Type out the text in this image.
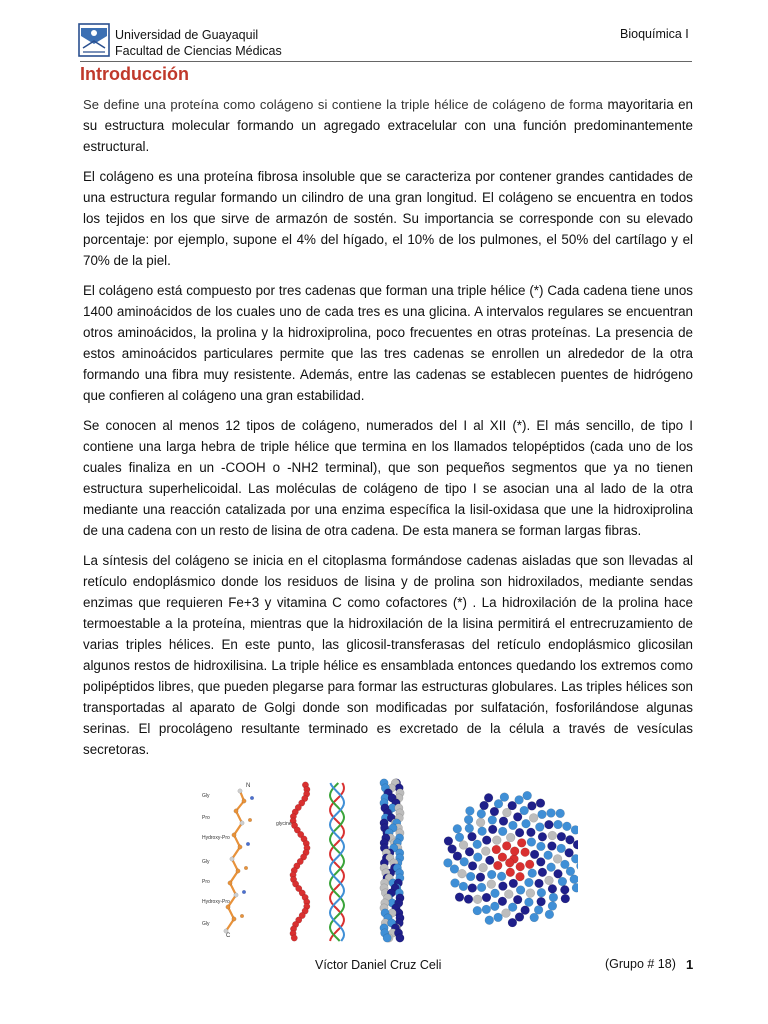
Universidad de Guayaquil
Facultad de Ciencias Médicas
Bioquímica I
Introducción

Se define una proteína como colágeno si contiene la triple hélice de colágeno de forma mayoritaria en su estructura molecular formando un agregado extracelular con una función predominantemente estructural.

El colágeno es una proteína fibrosa insoluble que se caracteriza por contener grandes cantidades de una estructura regular formando un cilindro de una gran longitud. El colágeno se encuentra en todos los tejidos en los que sirve de armazón de sostén. Su importancia se corresponde con su elevado porcentaje: por ejemplo, supone el 4% del hígado, el 10% de los pulmones, el 50% del cartílago y el 70% de la piel.

El colágeno está compuesto por tres cadenas que forman una triple hélice (*) Cada cadena tiene unos 1400 aminoácidos de los cuales uno de cada tres es una glicina. A intervalos regulares se encuentran otros aminoácidos, la prolina y la hidroxiprolina, poco frecuentes en otras proteínas. La presencia de estos aminoácidos particulares permite que las tres cadenas se enrollen un alrededor de la otra formando una fibra muy resistente. Además, entre las cadenas se establecen puentes de hidrógeno que confieren al colágeno una gran estabilidad.

Se conocen al menos 12 tipos de colágeno, numerados del I al XII (*). El más sencillo, de tipo I contiene una larga hebra de triple hélice que termina en los llamados telopéptidos (cada uno de los cuales finaliza en un -COOH o -NH2 terminal), que son pequeños segmentos que ya no tienen estructura superhelicoidal. Las moléculas de colágeno de tipo I se asocian una al lado de la otra mediante una reacción catalizada por una enzima específica la lisil-oxidasa que une la hidroxiprolina de una cadena con un resto de lisina de otra cadena. De esta manera se forman largas fibras.

La síntesis del colágeno se inicia en el citoplasma formándose cadenas aisladas que son llevadas al retículo endoplásmico donde los residuos de lisina y de prolina son hidroxilados, mediante sendas enzimas que requieren Fe+3 y vitamina C como cofactores (*) . La hidroxilación de la prolina hace termoestable a la proteína, mientras que la hidroxilación de la lisina permitirá el entrecruzamiento de varias triples hélices. En este punto, las glicosil-transferasas del retículo endoplásmico glicosilan algunos restos de hidroxilisina. La triple hélice es ensamblada entonces quedando los extremos como polipéptidos libres, que pueden plegarse para formar las estructuras globulares. Las triples hélices son transportadas al aparato de Golgi donde son modificadas por sulfatación, fosforilándose algunas serinas. El procolágeno resultante terminado es excretado de la célula a través de vesículas secretoras.

N
C
Gly
Pro
Hydroxy-Pro
Gly
Pro
Hydroxy-Pro
Gly
glycine
Víctor Daniel Cruz Celi	(Grupo # 18) 1
